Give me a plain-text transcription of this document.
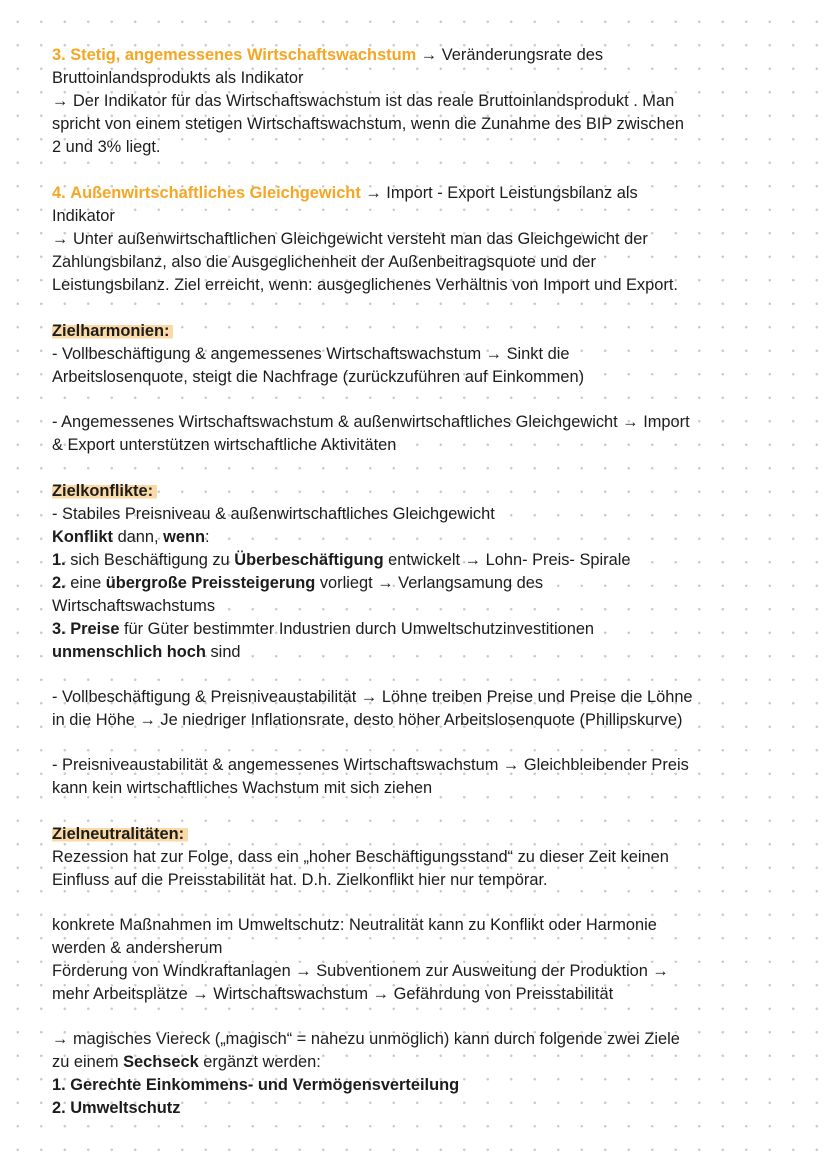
3. Stetig, angemessenes Wirtschaftswachstum → Veränderungsrate des
Bruttoinlandsprodukts als Indikator
→ Der Indikator für das Wirtschaftswachstum ist das reale Bruttoinlandsprodukt . Man
spricht von einem stetigen Wirtschaftswachstum, wenn die Zunahme des BIP zwischen
2 und 3% liegt.
4. Außenwirtschaftliches Gleichgewicht → Import - Export Leistungsbilanz als
Indikator
→ Unter außenwirtschaftlichen Gleichgewicht versteht man das Gleichgewicht der
Zahlungsbilanz, also die Ausgeglichenheit der Außenbeitragsquote und der
Leistungsbilanz. Ziel erreicht, wenn: ausgeglichenes Verhältnis von Import und Export.
Zielharmonien:
- Vollbeschäftigung & angemessenes Wirtschaftswachstum → Sinkt die
Arbeitslosenquote, steigt die Nachfrage (zurückzuführen auf Einkommen)
- Angemessenes Wirtschaftswachstum & außenwirtschaftliches Gleichgewicht → Import
& Export unterstützen wirtschaftliche Aktivitäten
Zielkonflikte:
- Stabiles Preisniveau & außenwirtschaftliches Gleichgewicht
Konflikt dann, wenn:
1. sich Beschäftigung zu Überbeschäftigung entwickelt → Lohn- Preis- Spirale
2. eine übergroße Preissteigerung vorliegt → Verlangsamung des
Wirtschaftswachstums
3. Preise für Güter bestimmter Industrien durch Umweltschutzinvestitionen
unmenschlich hoch sind
- Vollbeschäftigung & Preisniveaustabilität → Löhne treiben Preise und Preise die Löhne
in die Höhe → Je niedriger Inflationsrate, desto höher Arbeitslosenquote (Phillipskurve)
- Preisniveaustabilität & angemessenes Wirtschaftswachstum → Gleichbleibender Preis
kann kein wirtschaftliches Wachstum mit sich ziehen
Zielneutralitäten:
Rezession hat zur Folge, dass ein „hoher Beschäftigungsstand“ zu dieser Zeit keinen
Einfluss auf die Preisstabilität hat. D.h. Zielkonflikt hier nur tempörar.
konkrete Maßnahmen im Umweltschutz: Neutralität kann zu Konflikt oder Harmonie
werden & andersherum
Förderung von Windkraftanlagen → Subventionem zur Ausweitung der Produktion →
mehr Arbeitsplätze → Wirtschaftswachstum → Gefährdung von Preisstabilität
→ magisches Viereck („magisch“ = nahezu unmöglich) kann durch folgende zwei Ziele
zu einem Sechseck ergänzt werden:
1. Gerechte Einkommens- und Vermögensverteilung
2. Umweltschutz
